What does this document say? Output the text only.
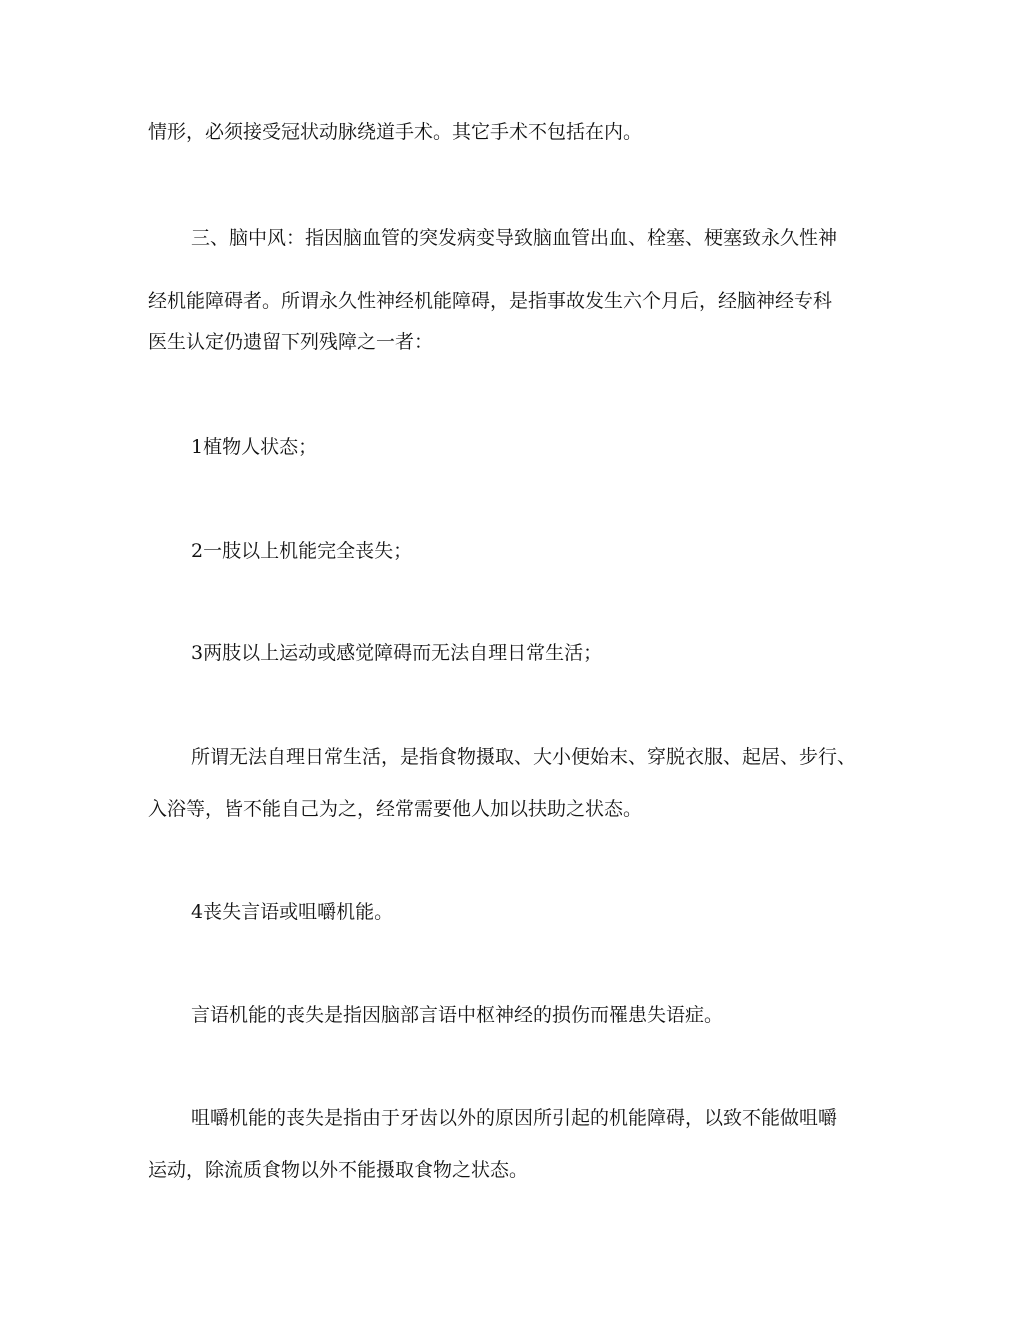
情形，必须接受冠状动脉绕道手术。其它手术不包括在内。
三、脑中风：指因脑血管的突发病变导致脑血管出血、栓塞、梗塞致永久性神
经机能障碍者。所谓永久性神经机能障碍，是指事故发生六个月后，经脑神经专科
医生认定仍遗留下列残障之一者：
1植物人状态；
2一肢以上机能完全丧失；
3两肢以上运动或感觉障碍而无法自理日常生活；
所谓无法自理日常生活，是指食物摄取、大小便始末、穿脱衣服、起居、步行、
入浴等，皆不能自己为之，经常需要他人加以扶助之状态。
4丧失言语或咀嚼机能。
言语机能的丧失是指因脑部言语中枢神经的损伤而罹患失语症。
咀嚼机能的丧失是指由于牙齿以外的原因所引起的机能障碍，以致不能做咀嚼
运动，除流质食物以外不能摄取食物之状态。
